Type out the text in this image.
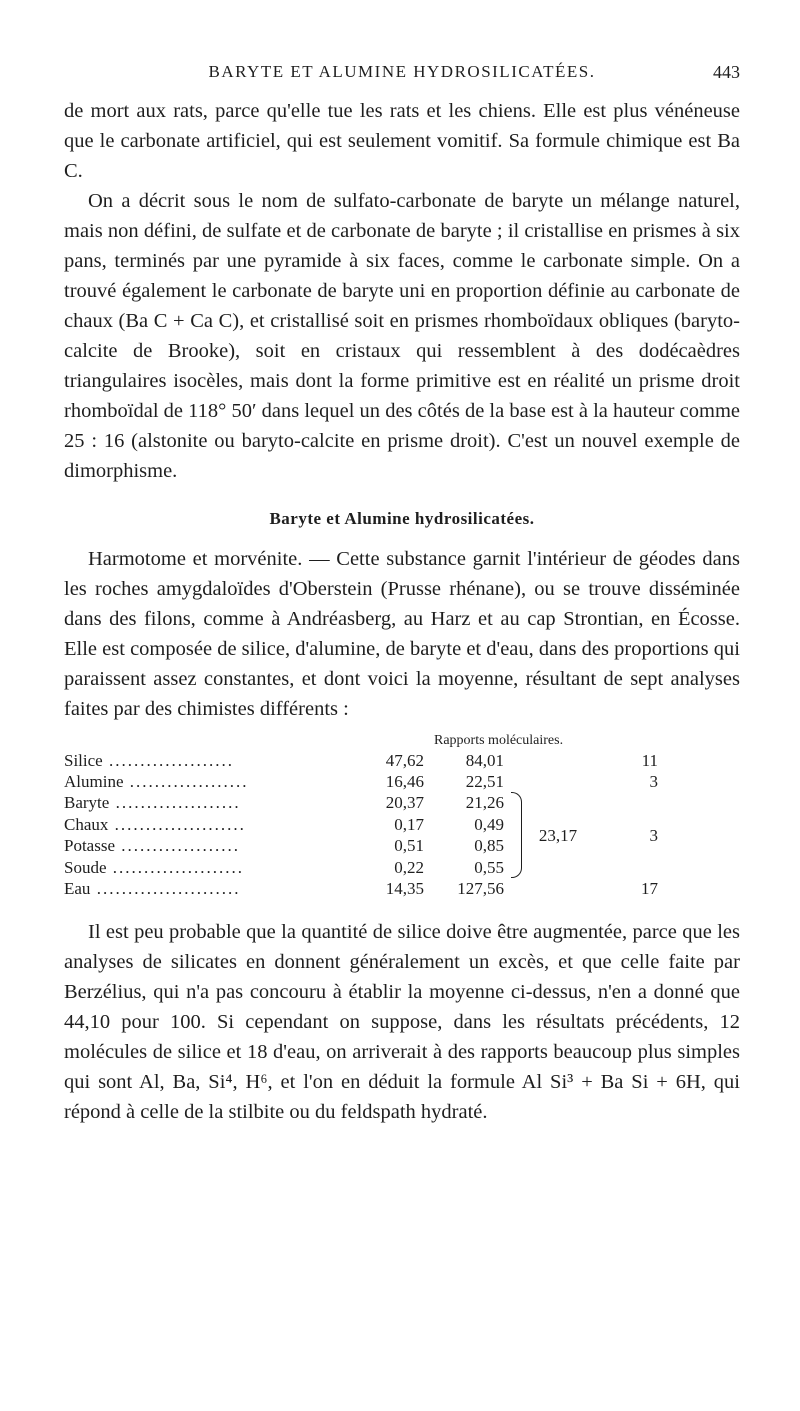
BARYTE ET ALUMINE HYDROSILICATÉES.	443

de mort aux rats, parce qu'elle tue les rats et les chiens. Elle est plus vénéneuse que le carbonate artificiel, qui est seulement vomitif. Sa formule chimique est Ba C.

On a décrit sous le nom de sulfato-carbonate de baryte un mélange naturel, mais non défini, de sulfate et de carbonate de baryte ; il cristallise en prismes à six pans, terminés par une pyramide à six faces, comme le carbonate simple. On a trouvé également le carbonate de baryte uni en proportion définie au carbonate de chaux (Ba C + Ca C), et cristallisé soit en prismes rhomboïdaux obliques (baryto-calcite de Brooke), soit en cristaux qui ressemblent à des dodécaèdres triangulaires isocèles, mais dont la forme primitive est en réalité un prisme droit rhomboïdal de 118° 50′ dans lequel un des côtés de la base est à la hauteur comme 25 : 16 (alstonite ou baryto-calcite en prisme droit). C'est un nouvel exemple de dimorphisme.

Baryte et Alumine hydrosilicatées.

Harmotome et morvénite. — Cette substance garnit l'intérieur de géodes dans les roches amygdaloïdes d'Oberstein (Prusse rhénane), ou se trouve disséminée dans des filons, comme à Andréasberg, au Harz et au cap Strontian, en Écosse. Elle est composée de silice, d'alumine, de baryte et d'eau, dans des proportions qui paraissent assez constantes, et dont voici la moyenne, résultant de sept analyses faites par des chimistes différents :

Rapports moléculaires.
Silice ....................	47,62	84,01			11
Alumine ...................	16,46	22,51			3
Baryte ....................	20,37	21,26		23,17	3
Chaux .....................	0,17	0,49			
Potasse ...................	0,51	0,85			
Soude .....................	0,22	0,55			
Eau .......................	14,35	127,56			17

Il est peu probable que la quantité de silice doive être augmentée, parce que les analyses de silicates en donnent généralement un excès, et que celle faite par Berzélius, qui n'a pas concouru à établir la moyenne ci-dessus, n'en a donné que 44,10 pour 100. Si cependant on suppose, dans les résultats précédents, 12 molécules de silice et 18 d'eau, on arriverait à des rapports beaucoup plus simples qui sont Al, Ba, Si⁴, H⁶, et l'on en déduit la formule Al Si³ + Ba Si + 6H, qui répond à celle de la stilbite ou du feldspath hydraté.
